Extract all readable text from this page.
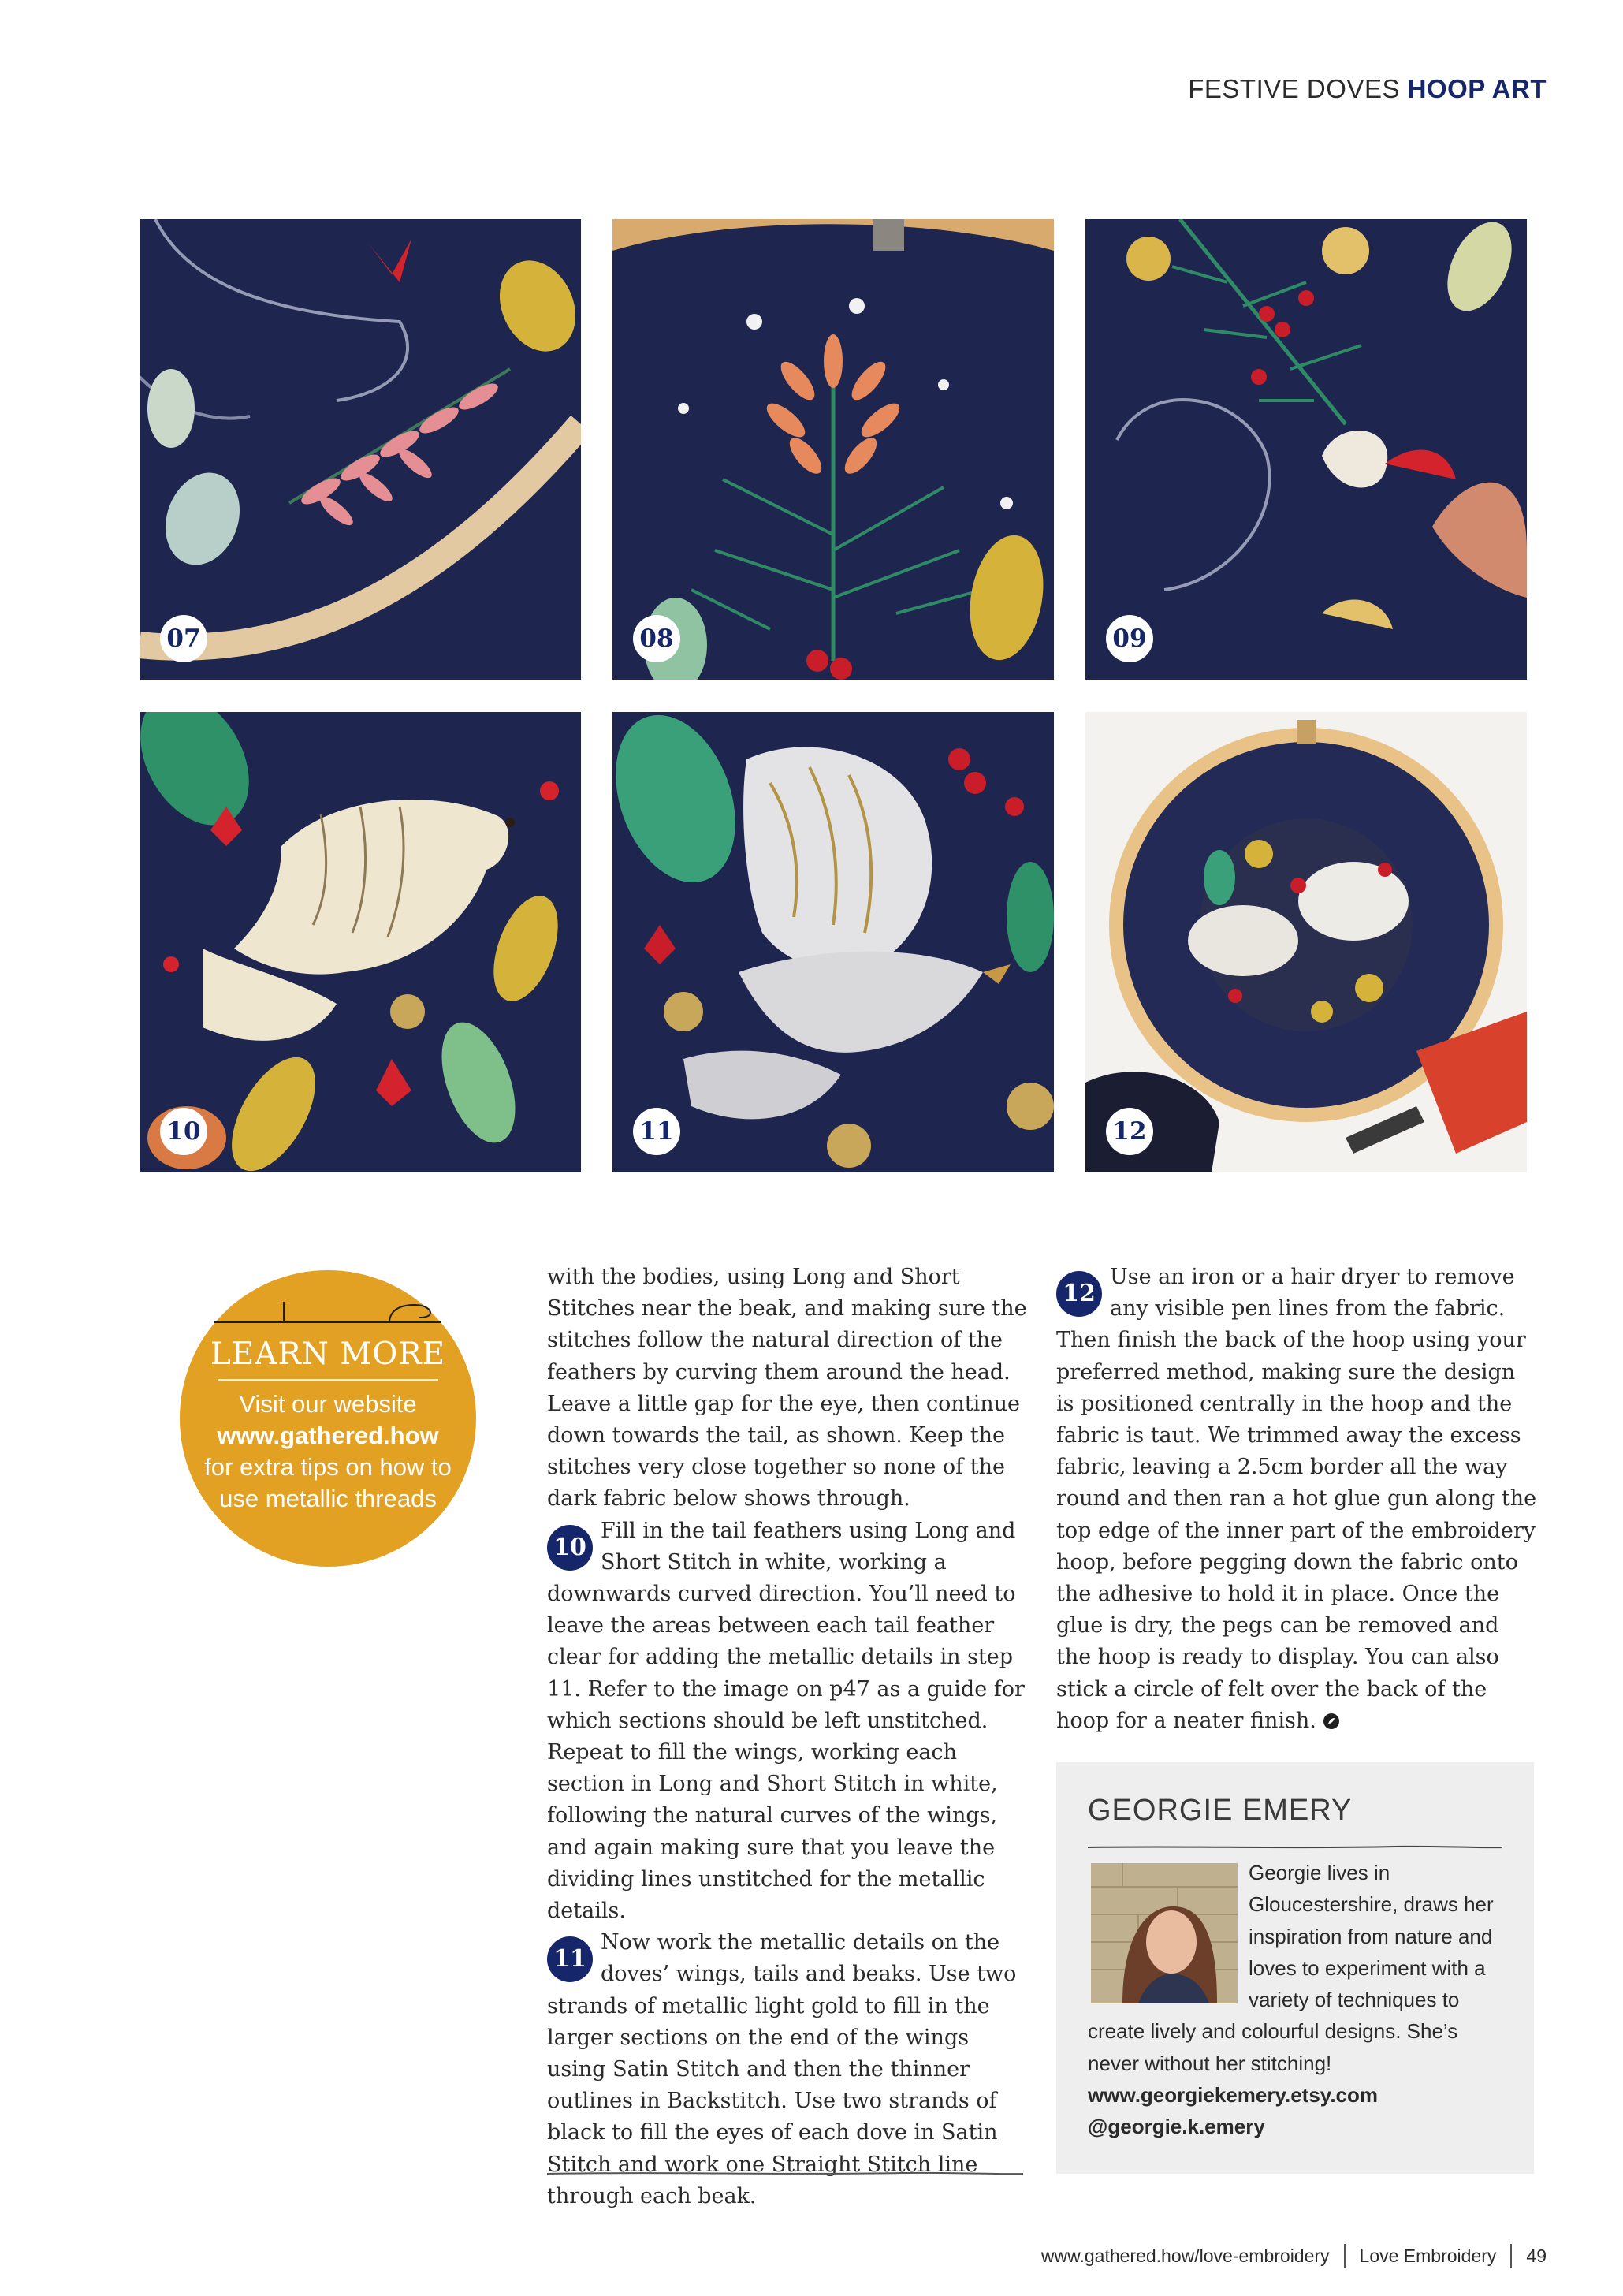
FESTIVE DOVES HOOP ART
07	08	09
10	11	12
LEARN MORE

Visit our website
www.gathered.how
for extra tips on how to use metallic threads

with the bodies, using Long and Short Stitches near the beak, and making sure the stitches follow the natural direction of the feathers by curving them around the head. Leave a little gap for the eye, then continue down towards the tail, as shown. Keep the stitches very close together so none of the dark fabric below shows through.

10
Fill in the tail feathers using Long and Short Stitch in white, working a downwards curved direction. You’ll need to leave the areas between each tail feather clear for adding the metallic details in step 11. Refer to the image on p47 as a guide for which sections should be left unstitched. Repeat to fill the wings, working each section in Long and Short Stitch in white, following the natural curves of the wings, and again making sure that you leave the dividing lines unstitched for the metallic details.

11
Now work the metallic details on the doves’ wings, tails and beaks. Use two strands of metallic light gold to fill in the larger sections on the end of the wings using Satin Stitch and then the thinner outlines in Backstitch. Use two strands of black to fill the eyes of each dove in Satin Stitch and work one Straight Stitch line through each beak.

12
Use an iron or a hair dryer to remove any visible pen lines from the fabric. Then finish the back of the hoop using your preferred method, making sure the design is positioned centrally in the hoop and the fabric is taut. We trimmed away the excess fabric, leaving a 2.5cm border all the way round and then ran a hot glue gun along the top edge of the inner part of the embroidery hoop, before pegging down the fabric onto the adhesive to hold it in place. Once the glue is dry, the pegs can be removed and the hoop is ready to display. You can also stick a circle of felt over the back of the hoop for a neater finish.

GEORGIE EMERY
Georgie lives in Gloucestershire, draws her inspiration from nature and loves to experiment with a variety of techniques to create lively and colourful designs. She’s never without her stitching!
www.georgiekemery.etsy.com
@georgie.k.emery
www.gathered.how/love-embroidery Love Embroidery 49
